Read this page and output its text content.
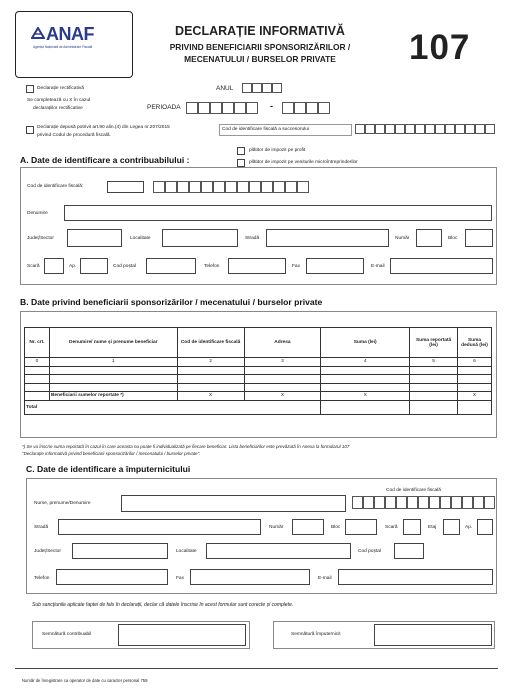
ANAF
Agenția Națională de Administrare Fiscală
DECLARAȚIE INFORMATIVĂ
PRIVIND BENEFICIARII SPONSORIZĂRILOR /
MECENATULUI / BURSELOR PRIVATE	107
Declarație rectificativă
Se completează cu X în cazul
declarațiilor rectificative
ANUL
PERIOADA	-
Declarație depusă potrivit art.90 alin.(4) din Legea nr.207/2015
privind Codul de procedură fiscală.
Cod de identificare fiscală a succesorului
plătitor de impozit pe profit
plătitor de impozit pe veniturile microîntreprinderilor
A. Date de identificare a contribuabilului :
Cod de identificare fiscală:
Denumire
Județ/Sector	Localitate	Stradă	Număr	Bloc
Scară	Ap.	Cod poștal	Telefon	Fax	E-mail
B. Date privind beneficiarii sponsorizărilor / mecenatului / burselor private
Nr. crt.	Denumire/ nume și prenume beneficiar	Cod de identificare fiscală	Adresa	Suma (lei)	Suma reportată (lei)	Suma dedusă (lei)
0	1	2	3	4	5	6

	Beneficiarii sumelor reportate *)	X	X	X		X
Total						
*) Se va înscrie suma reportată în cazul în care aceasta nu poate fi individualizată pe fiecare beneficiar. Lista beneficiarilor este prevăzută în Anexa la formularul 107
"Declarație informativă privind beneficiarii sponsorizărilor / mecenatului / burselor private".
C. Date de identificare a împuternicitului
Cod de identificare fiscală
Nume, prenume/Denumire
Stradă	Număr	Bloc	Scară	Etaj	Ap.
Județ/Sector	Localitate	Cod poștal
Telefon	Fax	E-mail
Sub sancțiunile aplicate faptei de fals în declarații, declar că datele înscrise în acest formular sunt corecte și complete.
Semnătură contribuabil	Semnătură împuternicit
Număr de înregistrare ca operator de date cu caracter personal 759
